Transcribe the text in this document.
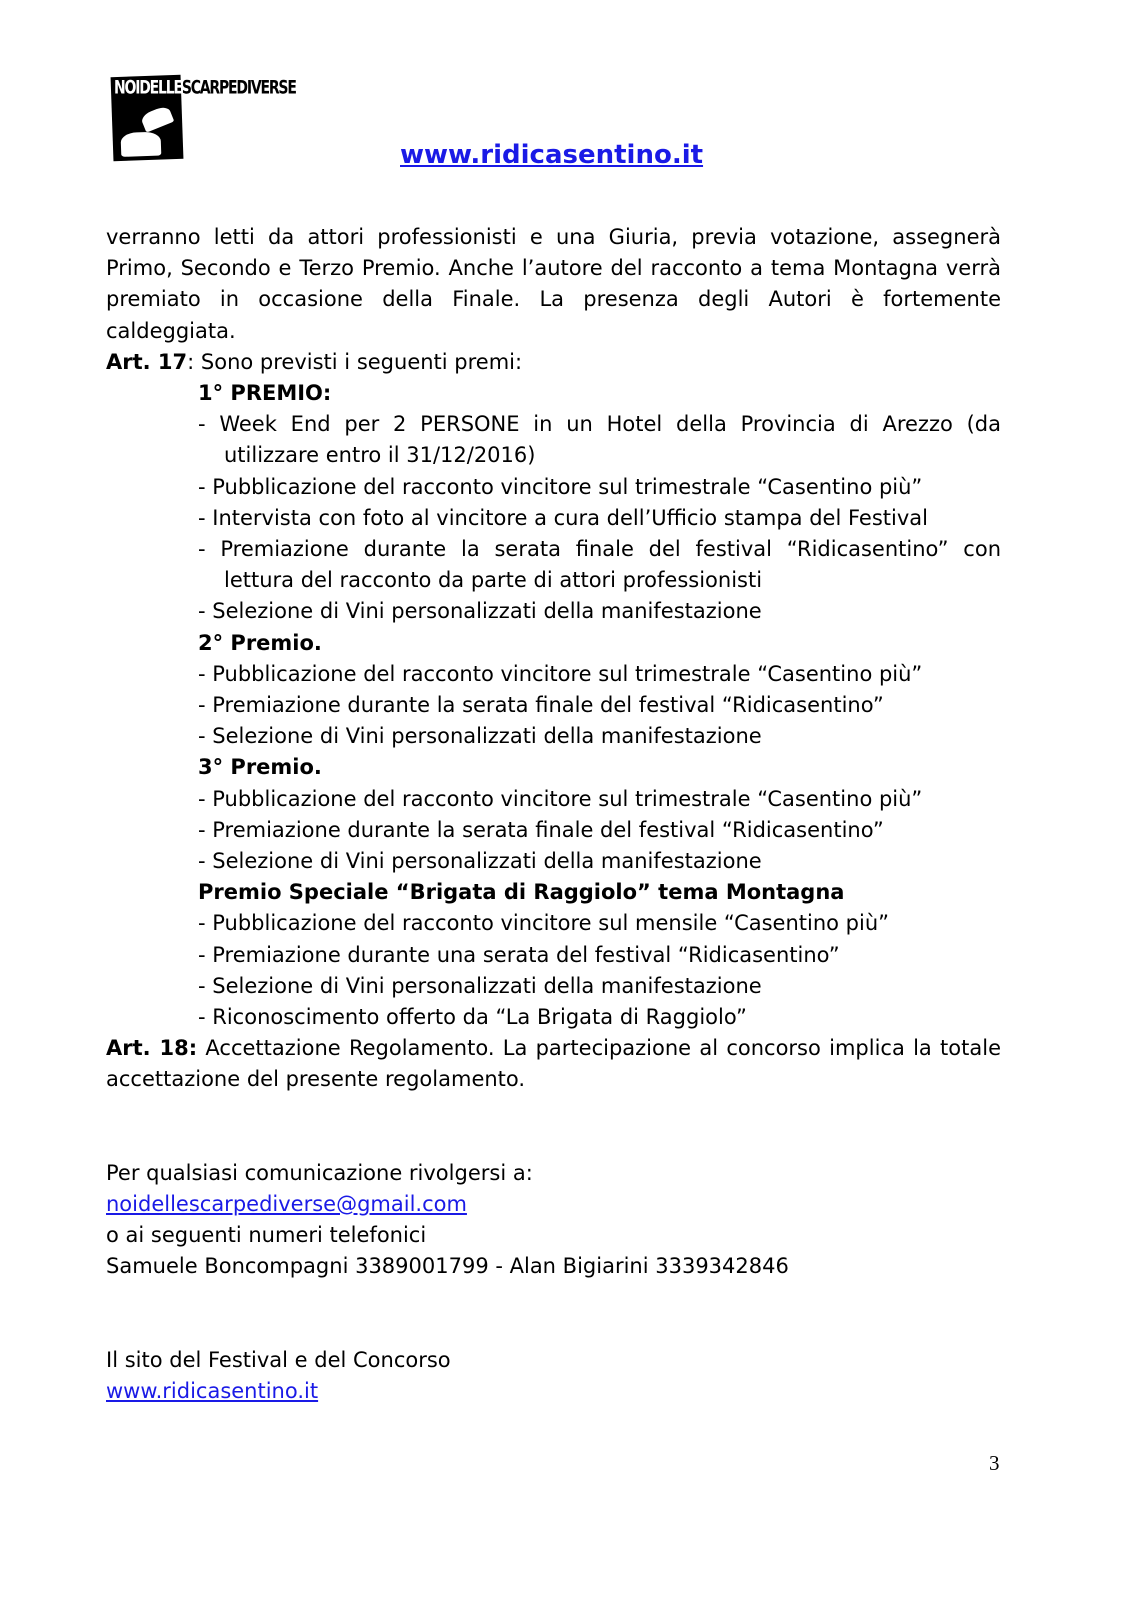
NOIDELLESCARPEDIVERSE
www.ridicasentino.it

verranno letti da attori professionisti e una Giuria, previa votazione, assegnerà Primo, Secondo e Terzo Premio. Anche l’autore del racconto a tema Montagna verrà premiato in occasione della Finale. La presenza degli Autori è fortemente caldeggiata.

Art. 17: Sono previsti i seguenti premi:

1° PREMIO:

- Week End per 2 PERSONE in un Hotel della Provincia di Arezzo (da utilizzare entro il 31/12/2016)

- Pubblicazione del racconto vincitore sul trimestrale “Casentino più”

- Intervista con foto al vincitore a cura dell’Ufficio stampa del Festival

- Premiazione durante la serata finale del festival “Ridicasentino” con lettura del racconto da parte di attori professionisti

- Selezione di Vini personalizzati della manifestazione

2° Premio.

- Pubblicazione del racconto vincitore sul trimestrale “Casentino più”

- Premiazione durante la serata finale del festival “Ridicasentino”

- Selezione di Vini personalizzati della manifestazione

3° Premio.

- Pubblicazione del racconto vincitore sul trimestrale “Casentino più”

- Premiazione durante la serata finale del festival “Ridicasentino”

- Selezione di Vini personalizzati della manifestazione

Premio Speciale “Brigata di Raggiolo” tema Montagna

- Pubblicazione del racconto vincitore sul mensile “Casentino più”

- Premiazione durante una serata del festival “Ridicasentino”

- Selezione di Vini personalizzati della manifestazione

- Riconoscimento offerto da “La Brigata di Raggiolo”

Art. 18: Accettazione Regolamento. La partecipazione al concorso implica la totale accettazione del presente regolamento.

Per qualsiasi comunicazione rivolgersi a:

noidellescarpediverse@gmail.com

o ai seguenti numeri telefonici

Samuele Boncompagni 3389001799 - Alan Bigiarini 3339342846

Il sito del Festival e del Concorso

www.ridicasentino.it

3
